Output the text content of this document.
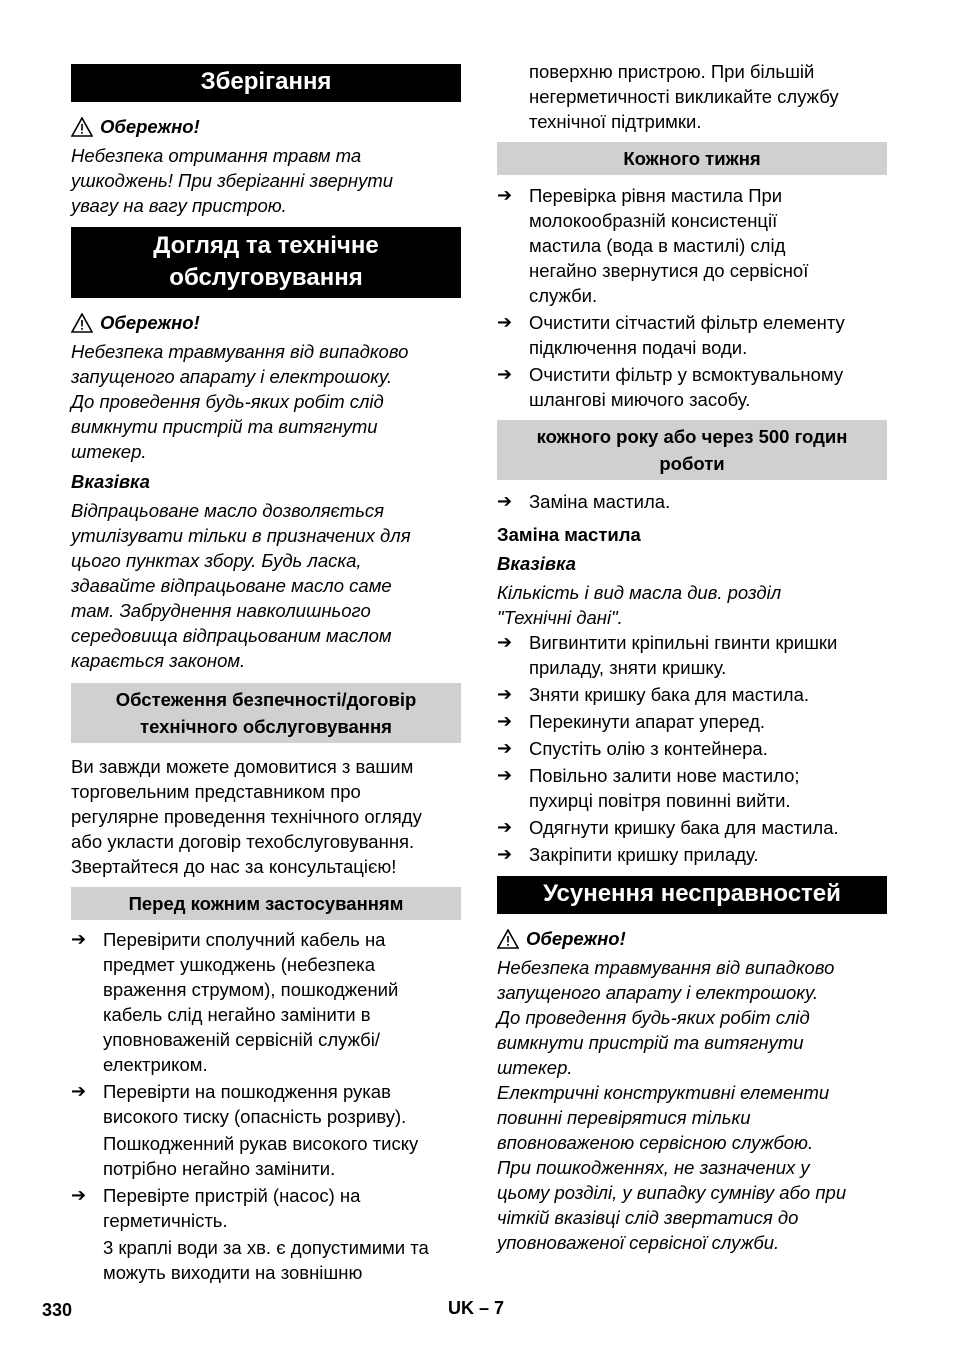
Зберігання
Обережно!
Небезпека отримання травм та
ушкоджень! При зберіганні звернути
увагу на вагу пристрою.
Догляд та технічне
обслуговування
Обережно!
Небезпека травмування від випадково
запущеного апарату і електрошоку.
До проведення будь-яких робіт слід
вимкнути пристрій та витягнути
штекер.
Вказівка
Відпрацьоване масло дозволяється
утилізувати тільки в призначених для
цього пунктах збору. Будь ласка,
здавайте відпрацьоване масло саме
там. Забруднення навколишнього
середовища відпрацьованим маслом
карається законом.
Обстеження безпечності/договір
технічного обслуговування
Ви завжди можете домовитися з вашим
торговельним представником про
регулярне проведення технічного огляду
або укласти договір техобслуговування.
Звертайтеся до нас за консультацією!
Перед кожним застосуванням
➔ Перевірити сполучний кабель на
предмет ушкоджень (небезпека
враження струмом), пошкоджений
кабель слід негайно замінити в
уповноваженій сервісній службі/
електриком.
➔ Перевірти на пошкодження рукав
високого тиску (опасність розриву).
Пошкодженний рукав високого тиску
потрібно негайно замінити.
➔ Перевірте пристрій (насос) на
герметичність.
3 краплі води за хв. є допустимими та
можуть виходити на зовнішню
поверхню пристрою. При більшій
негерметичності викликайте службу
технічної підтримки.
Кожного тижня
➔ Перевірка рівня мастила При
молокообразній консистенції
мастила (вода в мастилі) слід
негайно звернутися до сервісної
служби.
➔ Очистити сітчастий фільтр елементу
підключення подачі води.
➔ Очистити фільтр у всмоктувальному
шлангові миючого засобу.
кожного року або через 500 годин
роботи
➔ Заміна мастила.
Заміна мастила
Вказівка
Кількість і вид масла див. розділ
"Технічні дані".
➔ Вигвинтити кріпильні гвинти кришки
приладу, зняти кришку.
➔ Зняти кришку бака для мастила.
➔ Перекинути апарат уперед.
➔ Спустіть олію з контейнера.
➔ Повільно залити нове мастило;
пухирці повітря повинні вийти.
➔ Одягнути кришку бака для мастила.
➔ Закріпити кришку приладу.
Усунення несправностей
Обережно!
Небезпека травмування від випадково
запущеного апарату і електрошоку.
До проведення будь-яких робіт слід
вимкнути пристрій та витягнути
штекер.
Електричні конструктивні елементи
повинні перевірятися тільки
вповноваженою сервісною службою.
При пошкодженнях, не зазначених у
цьому розділі, у випадку сумніву або при
чіткій вказівці слід звертатися до
уповноваженої сервісної служби.
330	UK – 7
